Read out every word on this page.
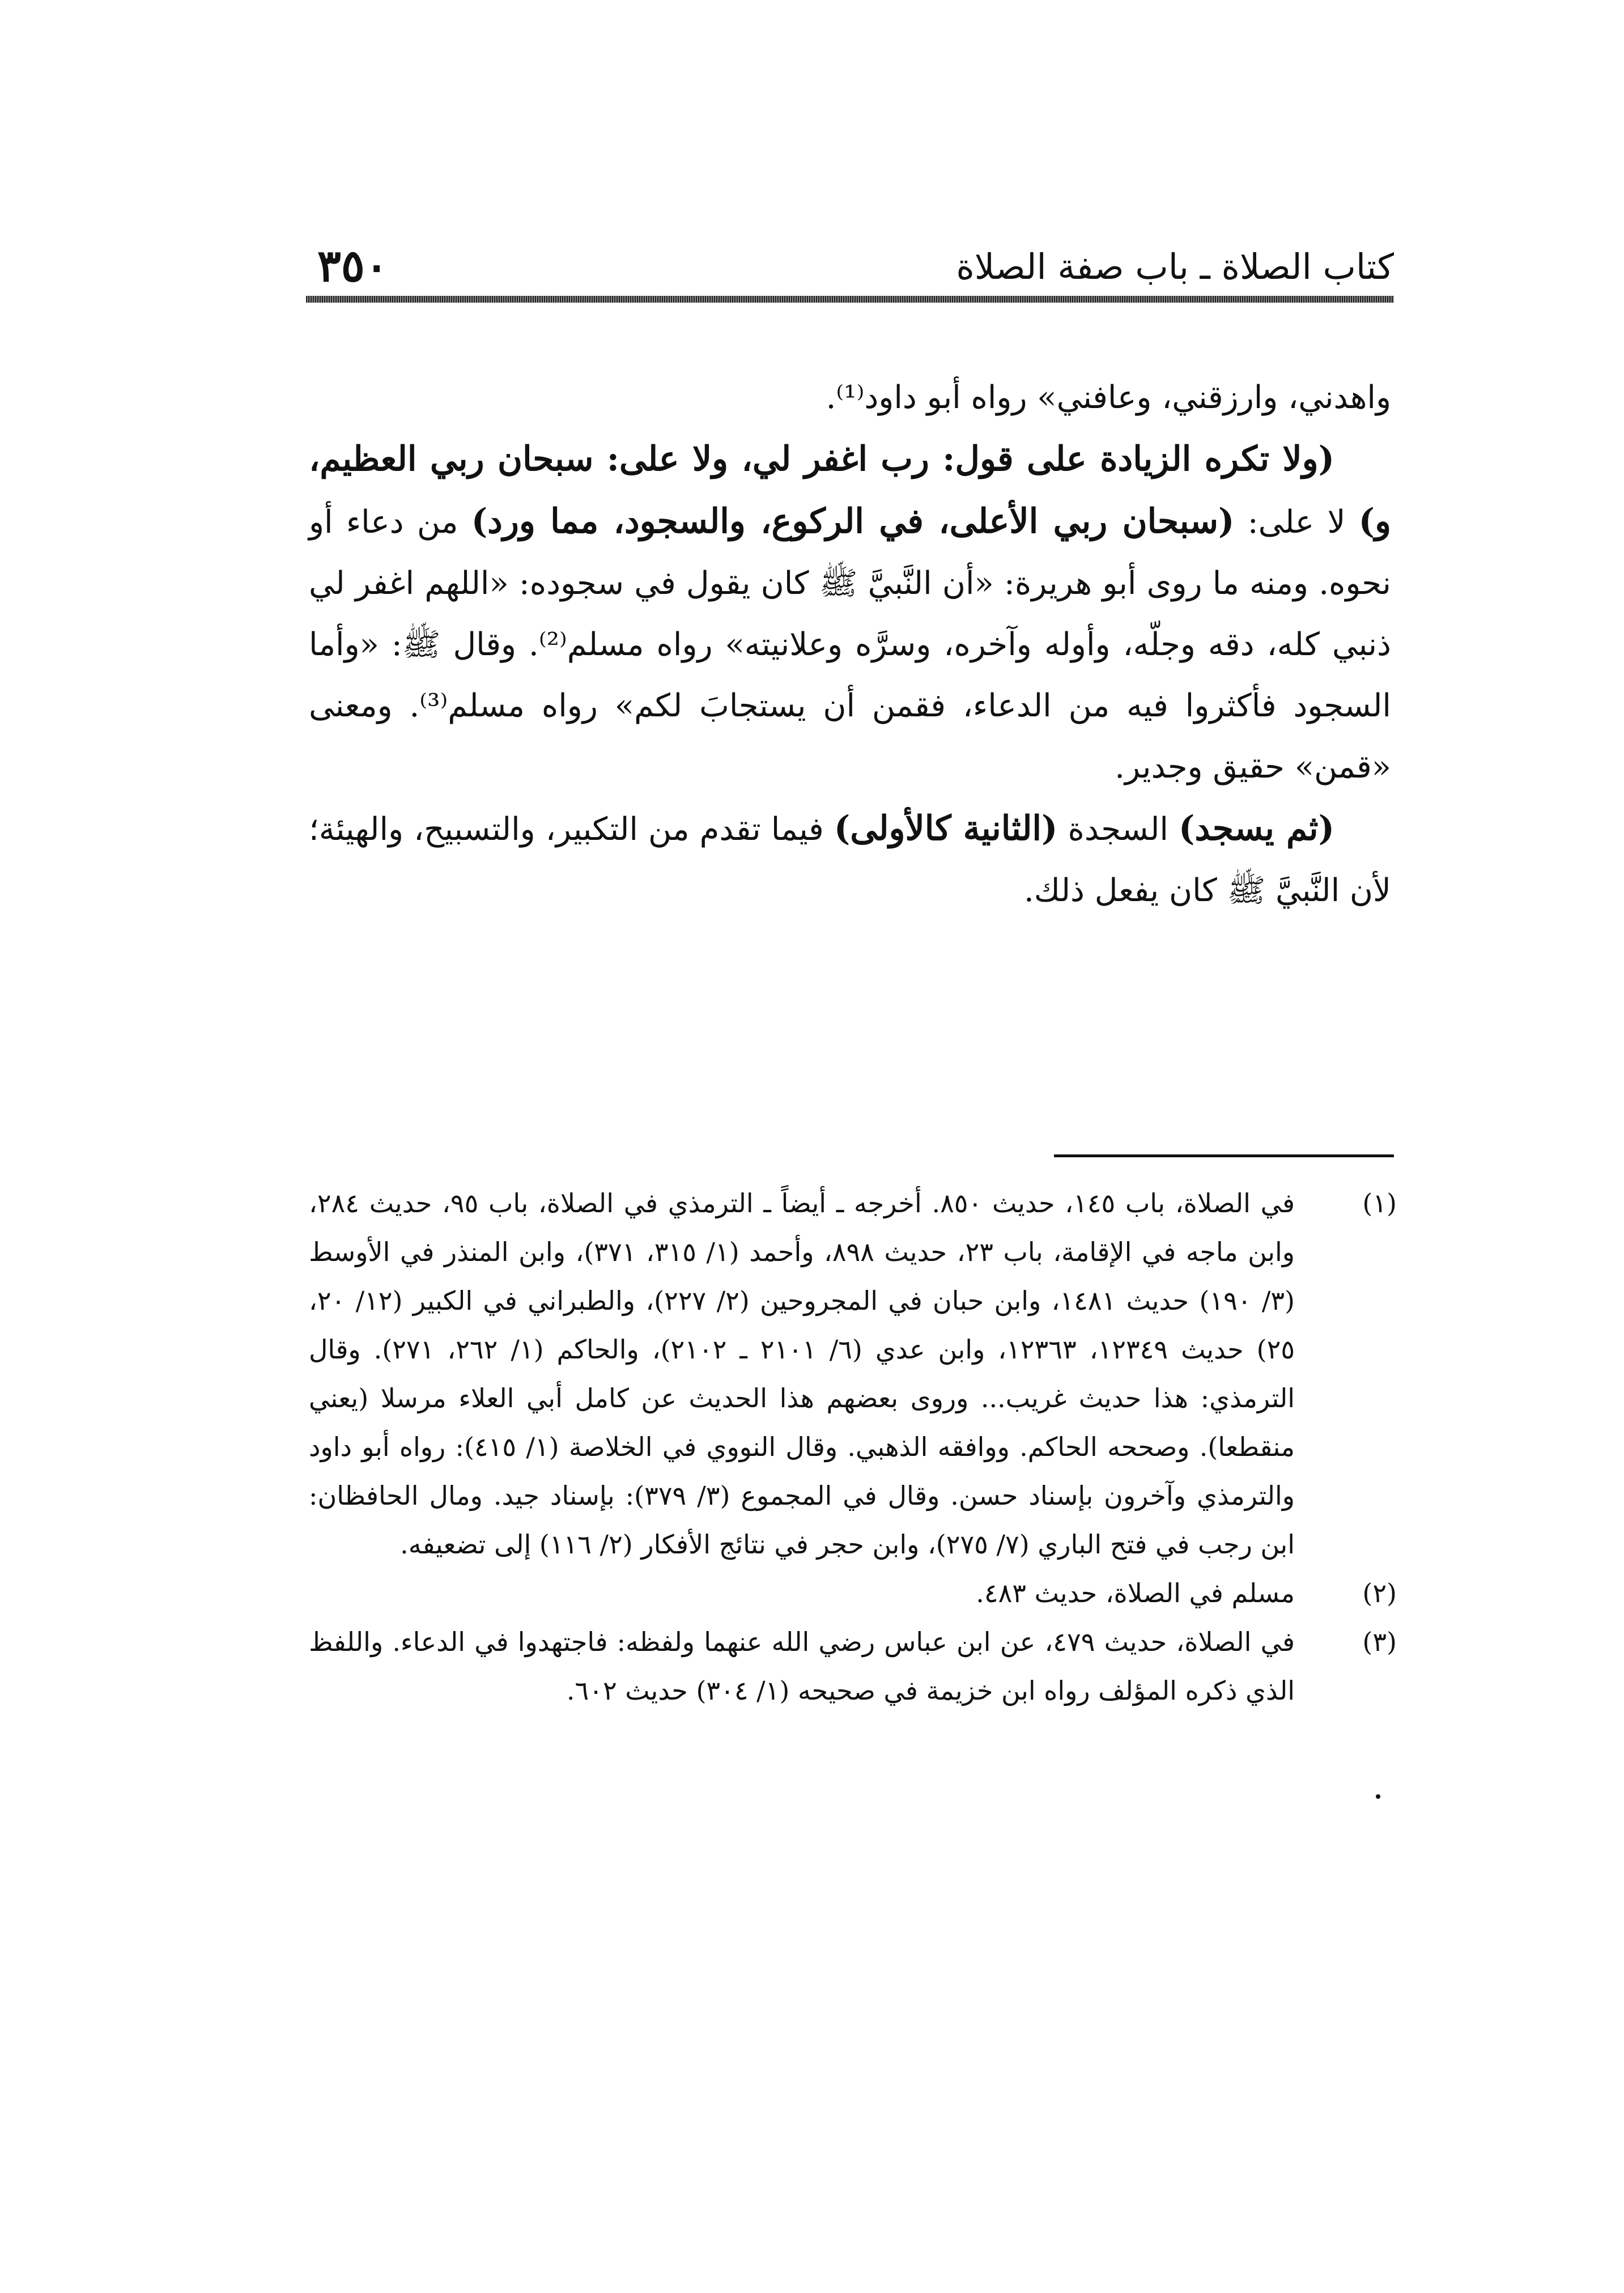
٣٥٠	كتاب الصلاة ـ باب صفة الصلاة

واهدني، وارزقني، وعافني» رواه أبو داود⁽¹⁾.

(ولا تكره الزيادة على قول: رب اغفر لي، ولا على: سبحان ربي العظيم، و) لا على: (سبحان ربي الأعلى، في الركوع، والسجود، مما ورد) من دعاء أو نحوه. ومنه ما روى أبو هريرة: «أن النَّبيَّ ﷺ كان يقول في سجوده: «اللهم اغفر لي ذنبي كله، دقه وجلّه، وأوله وآخره، وسرَّه وعلانيته» رواه مسلم⁽²⁾. وقال ﷺ: «وأما السجود فأكثروا فيه من الدعاء، فقمن أن يستجابَ لكم» رواه مسلم⁽³⁾. ومعنى «قمن» حقيق وجدير.

(ثم يسجد) السجدة (الثانية كالأولى) فيما تقدم من التكبير، والتسبيح، والهيئة؛ لأن النَّبيَّ ﷺ كان يفعل ذلك.

(١)
في الصلاة، باب ١٤٥، حديث ٨٥٠. أخرجه ـ أيضاً ـ الترمذي في الصلاة، باب ٩٥، حديث ٢٨٤، وابن ماجه في الإقامة، باب ٢٣، حديث ٨٩٨، وأحمد (١/ ٣١٥، ٣٧١)، وابن المنذر في الأوسط (٣/ ١٩٠) حديث ١٤٨١، وابن حبان في المجروحين (٢/ ٢٢٧)، والطبراني في الكبير (١٢/ ٢٠، ٢٥) حديث ١٢٣٤٩، ١٢٣٦٣، وابن عدي (٦/ ٢١٠١ ـ ٢١٠٢)، والحاكم (١/ ٢٦٢، ٢٧١). وقال الترمذي: هذا حديث غريب... وروى بعضهم هذا الحديث عن كامل أبي العلاء مرسلا (يعني منقطعا). وصححه الحاكم. ووافقه الذهبي. وقال النووي في الخلاصة (١/ ٤١٥): رواه أبو داود والترمذي وآخرون بإسناد حسن. وقال في المجموع (٣/ ٣٧٩): بإسناد جيد. ومال الحافظان: ابن رجب في فتح الباري (٧/ ٢٧٥)، وابن حجر في نتائج الأفكار (٢/ ١١٦) إلى تضعيفه.
(٢)
مسلم في الصلاة، حديث ٤٨٣.
(٣)
في الصلاة، حديث ٤٧٩، عن ابن عباس رضي الله عنهما ولفظه: فاجتهدوا في الدعاء. واللفظ الذي ذكره المؤلف رواه ابن خزيمة في صحيحه (١/ ٣٠٤) حديث ٦٠٢.
